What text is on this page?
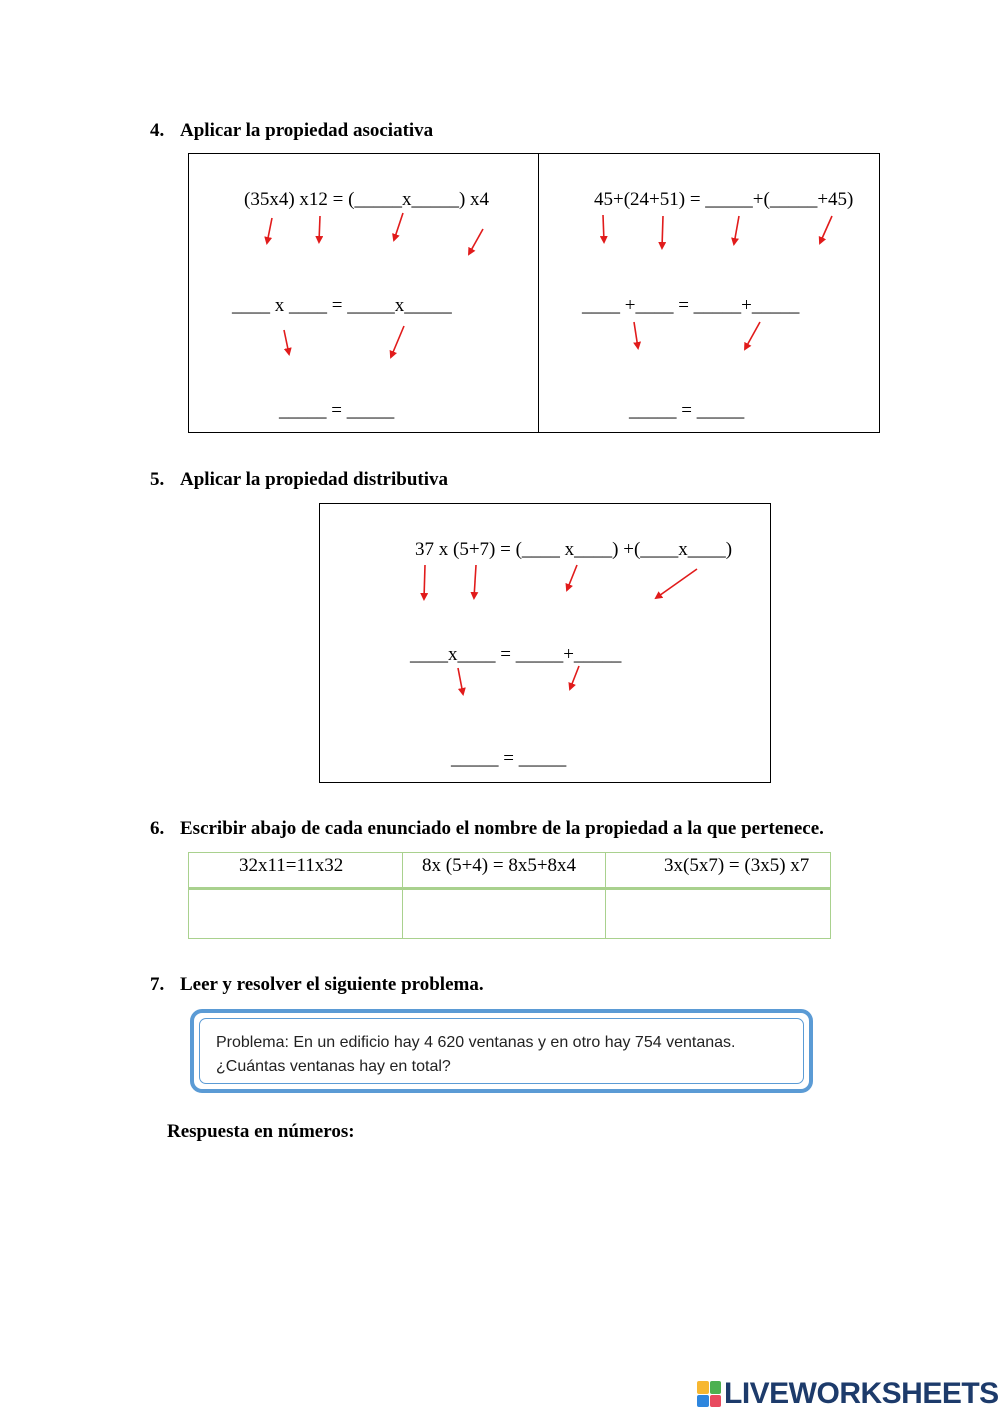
4. Aplicar la propiedad asociativa
(35x4) x12 = (_____x_____) x4
____ x ____ = _____x_____
_____ = _____
45+(24+51) = _____+(_____+45)
____ +____ = _____+_____
_____ = _____
5. Aplicar la propiedad distributiva
37 x (5+7) = (____ x____) +(____x____)
____x____ = _____+_____
_____ = _____
6. Escribir abajo de cada enunciado el nombre de la propiedad a la que pertenece.
32x11=11x32	8x (5+4) = 8x5+8x4	3x(5x7) = (3x5) x7
7. Leer y resolver el siguiente problema.
Problema: En un edificio hay 4 620 ventanas y en otro hay 754 ventanas.
¿Cuántas ventanas hay en total?
Respuesta en números:
LIVEWORKSHEETS
